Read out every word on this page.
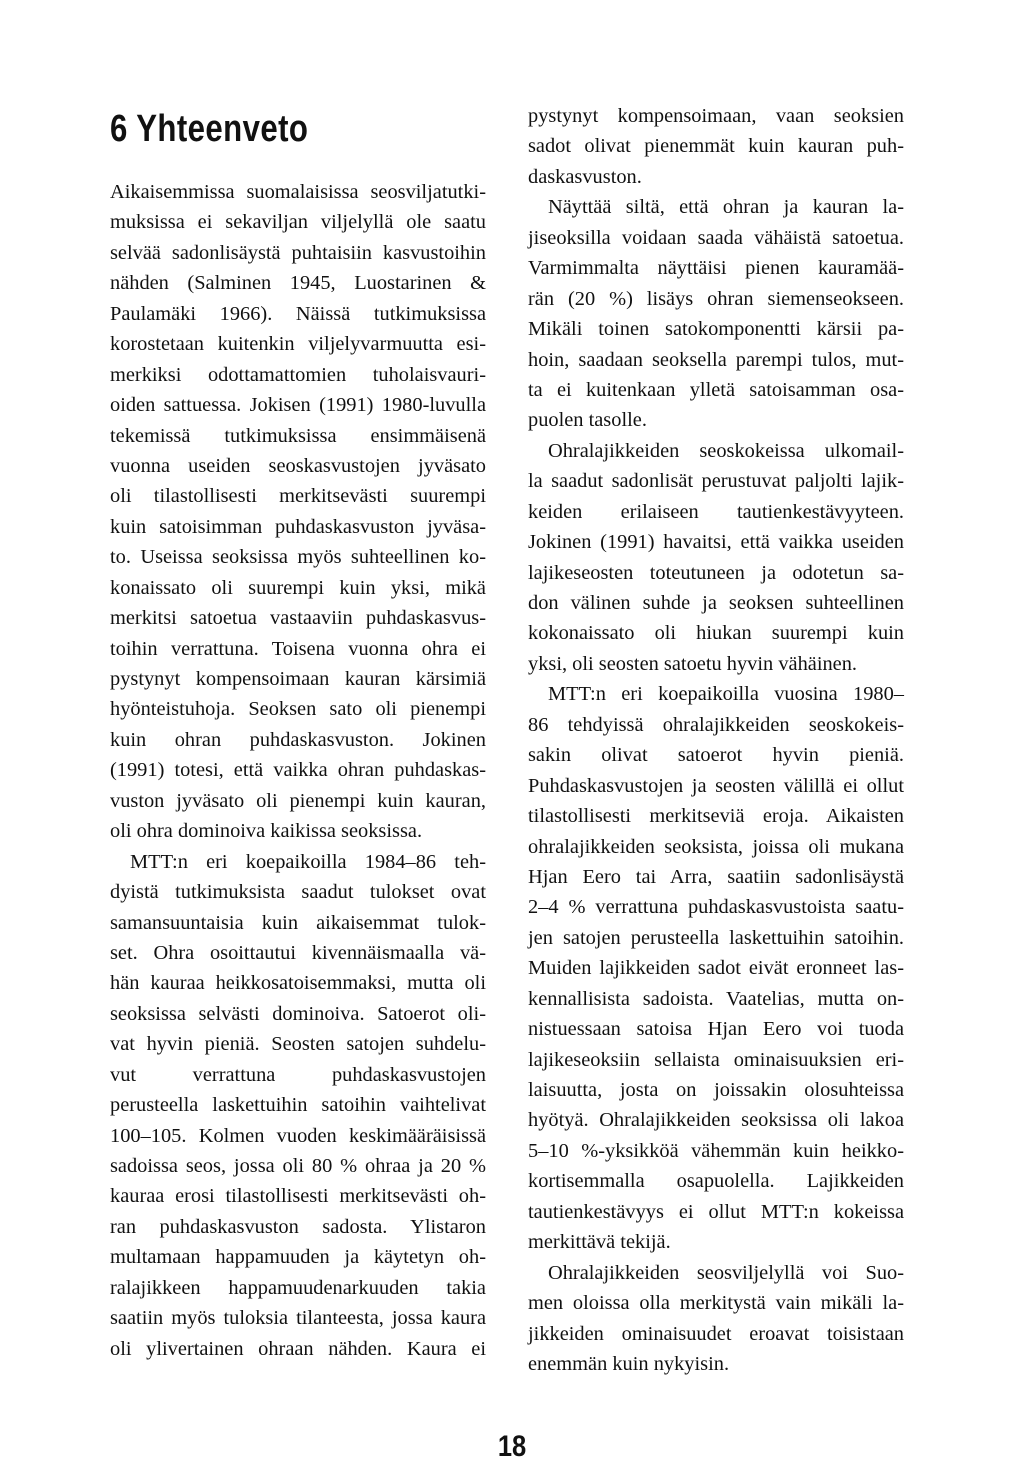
6 Yhteenveto
Aikaisemmissa suomalaisissa seosviljatutki-
muksissa ei sekaviljan viljelyllä ole saatu
selvää sadonlisäystä puhtaisiin kasvustoihin
nähden (Salminen 1945, Luostarinen &
Paulamäki 1966). Näissä tutkimuksissa
korostetaan kuitenkin viljelyvarmuutta esi-
merkiksi odottamattomien tuholaisvauri-
oiden sattuessa. Jokisen (1991) 1980-luvulla
tekemissä tutkimuksissa ensimmäisenä
vuonna useiden seoskasvustojen jyväsato
oli tilastollisesti merkitsevästi suurempi
kuin satoisimman puhdaskasvuston jyväsa-
to. Useissa seoksissa myös suhteellinen ko-
konaissato oli suurempi kuin yksi, mikä
merkitsi satoetua vastaaviin puhdaskasvus-
toihin verrattuna. Toisena vuonna ohra ei
pystynyt kompensoimaan kauran kärsimiä
hyönteistuhoja. Seoksen sato oli pienempi
kuin ohran puhdaskasvuston. Jokinen
(1991) totesi, että vaikka ohran puhdaskas-
vuston jyväsato oli pienempi kuin kauran,
oli ohra dominoiva kaikissa seoksissa.
MTT:n eri koepaikoilla 1984–86 teh-
dyistä tutkimuksista saadut tulokset ovat
samansuuntaisia kuin aikaisemmat tulok-
set. Ohra osoittautui kivennäismaalla vä-
hän kauraa heikkosatoisemmaksi, mutta oli
seoksissa selvästi dominoiva. Satoerot oli-
vat hyvin pieniä. Seosten satojen suhdelu-
vut verrattuna puhdaskasvustojen
perusteella laskettuihin satoihin vaihtelivat
100–105. Kolmen vuoden keskimääräisissä
sadoissa seos, jossa oli 80 % ohraa ja 20 %
kauraa erosi tilastollisesti merkitsevästi oh-
ran puhdaskasvuston sadosta. Ylistaron
multamaan happamuuden ja käytetyn oh-
ralajikkeen happamuudenarkuuden takia
saatiin myös tuloksia tilanteesta, jossa kaura
oli ylivertainen ohraan nähden. Kaura ei
pystynyt kompensoimaan, vaan seoksien
sadot olivat pienemmät kuin kauran puh-
daskasvuston.
Näyttää siltä, että ohran ja kauran la-
jiseoksilla voidaan saada vähäistä satoetua.
Varmimmalta näyttäisi pienen kauramää-
rän (20 %) lisäys ohran siemenseokseen.
Mikäli toinen satokomponentti kärsii pa-
hoin, saadaan seoksella parempi tulos, mut-
ta ei kuitenkaan ylletä satoisamman osa-
puolen tasolle.
Ohralajikkeiden seoskokeissa ulkomail-
la saadut sadonlisät perustuvat paljolti lajik-
keiden erilaiseen tautienkestävyyteen.
Jokinen (1991) havaitsi, että vaikka useiden
lajikeseosten toteutuneen ja odotetun sa-
don välinen suhde ja seoksen suhteellinen
kokonaissato oli hiukan suurempi kuin
yksi, oli seosten satoetu hyvin vähäinen.
MTT:n eri koepaikoilla vuosina 1980–
86 tehdyissä ohralajikkeiden seoskokeis-
sakin olivat satoerot hyvin pieniä.
Puhdaskasvustojen ja seosten välillä ei ollut
tilastollisesti merkitseviä eroja. Aikaisten
ohralajikkeiden seoksista, joissa oli mukana
Hjan Eero tai Arra, saatiin sadonlisäystä
2–4 % verrattuna puhdaskasvustoista saatu-
jen satojen perusteella laskettuihin satoihin.
Muiden lajikkeiden sadot eivät eronneet las-
kennallisista sadoista. Vaatelias, mutta on-
nistuessaan satoisa Hjan Eero voi tuoda
lajikeseoksiin sellaista ominaisuuksien eri-
laisuutta, josta on joissakin olosuhteissa
hyötyä. Ohralajikkeiden seoksissa oli lakoa
5–10 %-yksikköä vähemmän kuin heikko-
kortisemmalla osapuolella. Lajikkeiden
tautienkestävyys ei ollut MTT:n kokeissa
merkittävä tekijä.
Ohralajikkeiden seosviljelyllä voi Suo-
men oloissa olla merkitystä vain mikäli la-
jikkeiden ominaisuudet eroavat toisistaan
enemmän kuin nykyisin.
18
